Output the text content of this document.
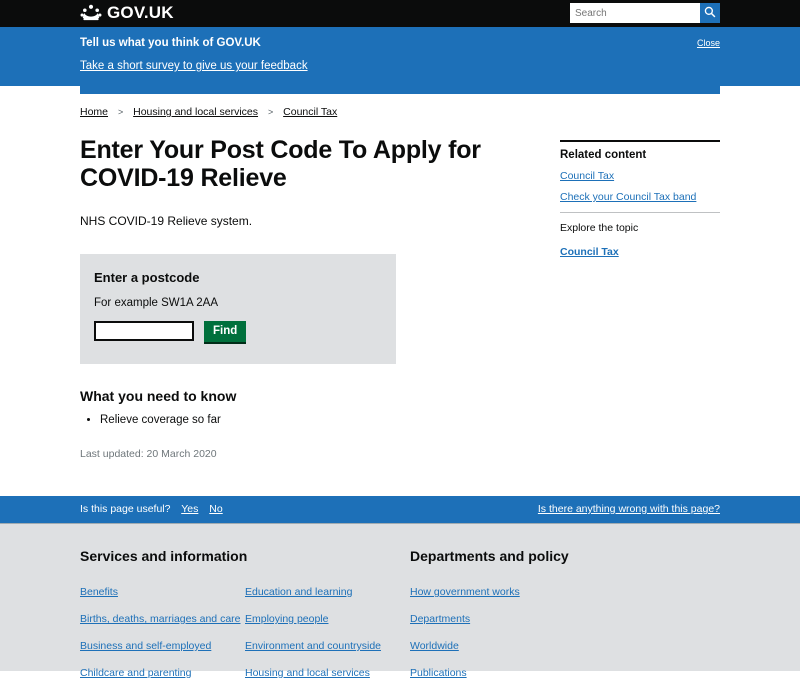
GOV.UK
Search
Tell us what you think of GOV.UK
Take a short survey to give us your feedback
Close
Home > Housing and local services > Council Tax
Enter Your Post Code To Apply for COVID-19 Relieve

NHS COVID-19 Relieve system.

Enter a postcode

For example SW1A 2AA

Find
What you need to know
• Relieve coverage so far

Last updated: 20 March 2020

Related content
Council Tax
Check your Council Tax band
Explore the topic
Council Tax
Is this page useful? Yes No	Is there anything wrong with this page?
Services and information
Benefits
Births, deaths, marriages and care
Business and self-employed
Childcare and parenting
Education and learning
Employing people
Environment and countryside
Housing and local services
Departments and policy
How government works
Departments
Worldwide
Publications
